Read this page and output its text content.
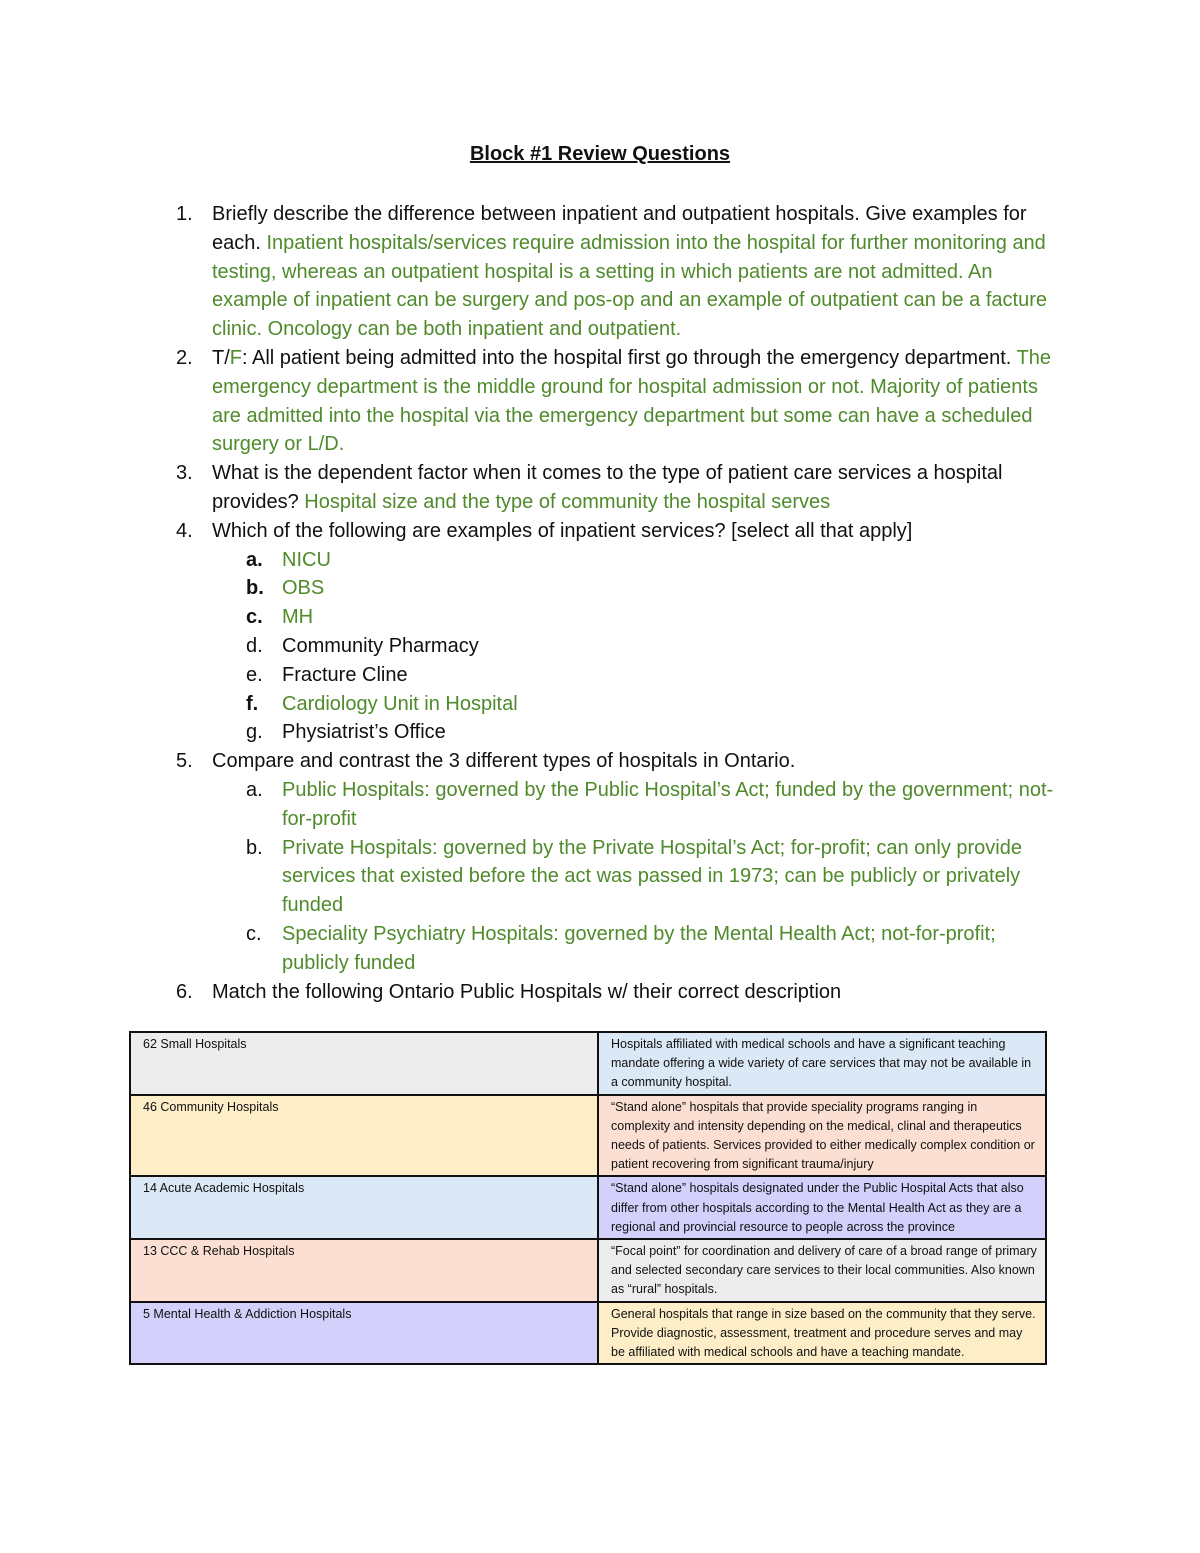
Block #1 Review Questions
1. Briefly describe the difference between inpatient and outpatient hospitals. Give examples for each. Inpatient hospitals/services require admission into the hospital for further monitoring and testing, whereas an outpatient hospital is a setting in which patients are not admitted. An example of inpatient can be surgery and pos-op and an example of outpatient can be a facture clinic. Oncology can be both inpatient and outpatient.
2. T/F: All patient being admitted into the hospital first go through the emergency department. The emergency department is the middle ground for hospital admission or not. Majority of patients are admitted into the hospital via the emergency department but some can have a scheduled surgery or L/D.
3. What is the dependent factor when it comes to the type of patient care services a hospital provides? Hospital size and the type of community the hospital serves
4. Which of the following are examples of inpatient services? [select all that apply]
a. NICU
b. OBS
c. MH
d. Community Pharmacy
e. Fracture Cline
f. Cardiology Unit in Hospital
g. Physiatrist’s Office
5. Compare and contrast the 3 different types of hospitals in Ontario.
a. Public Hospitals: governed by the Public Hospital’s Act; funded by the government; not-for-profit
b. Private Hospitals: governed by the Private Hospital’s Act; for-profit; can only provide services that existed before the act was passed in 1973; can be publicly or privately funded
c. Speciality Psychiatry Hospitals: governed by the Mental Health Act; not-for-profit; publicly funded
6. Match the following Ontario Public Hospitals w/ their correct description
62 Small Hospitals	Hospitals affiliated with medical schools and have a significant teaching mandate offering a wide variety of care services that may not be available in a community hospital.
46 Community Hospitals	“Stand alone” hospitals that provide speciality programs ranging in complexity and intensity depending on the medical, clinal and therapeutics needs of patients. Services provided to either medically complex condition or patient recovering from significant trauma/injury
14 Acute Academic Hospitals	“Stand alone” hospitals designated under the Public Hospital Acts that also differ from other hospitals according to the Mental Health Act as they are a regional and provincial resource to people across the province
13 CCC & Rehab Hospitals	“Focal point” for coordination and delivery of care of a broad range of primary and selected secondary care services to their local communities. Also known as “rural” hospitals.
5 Mental Health & Addiction Hospitals	General hospitals that range in size based on the community that they serve. Provide diagnostic, assessment, treatment and procedure serves and may be affiliated with medical schools and have a teaching mandate.
